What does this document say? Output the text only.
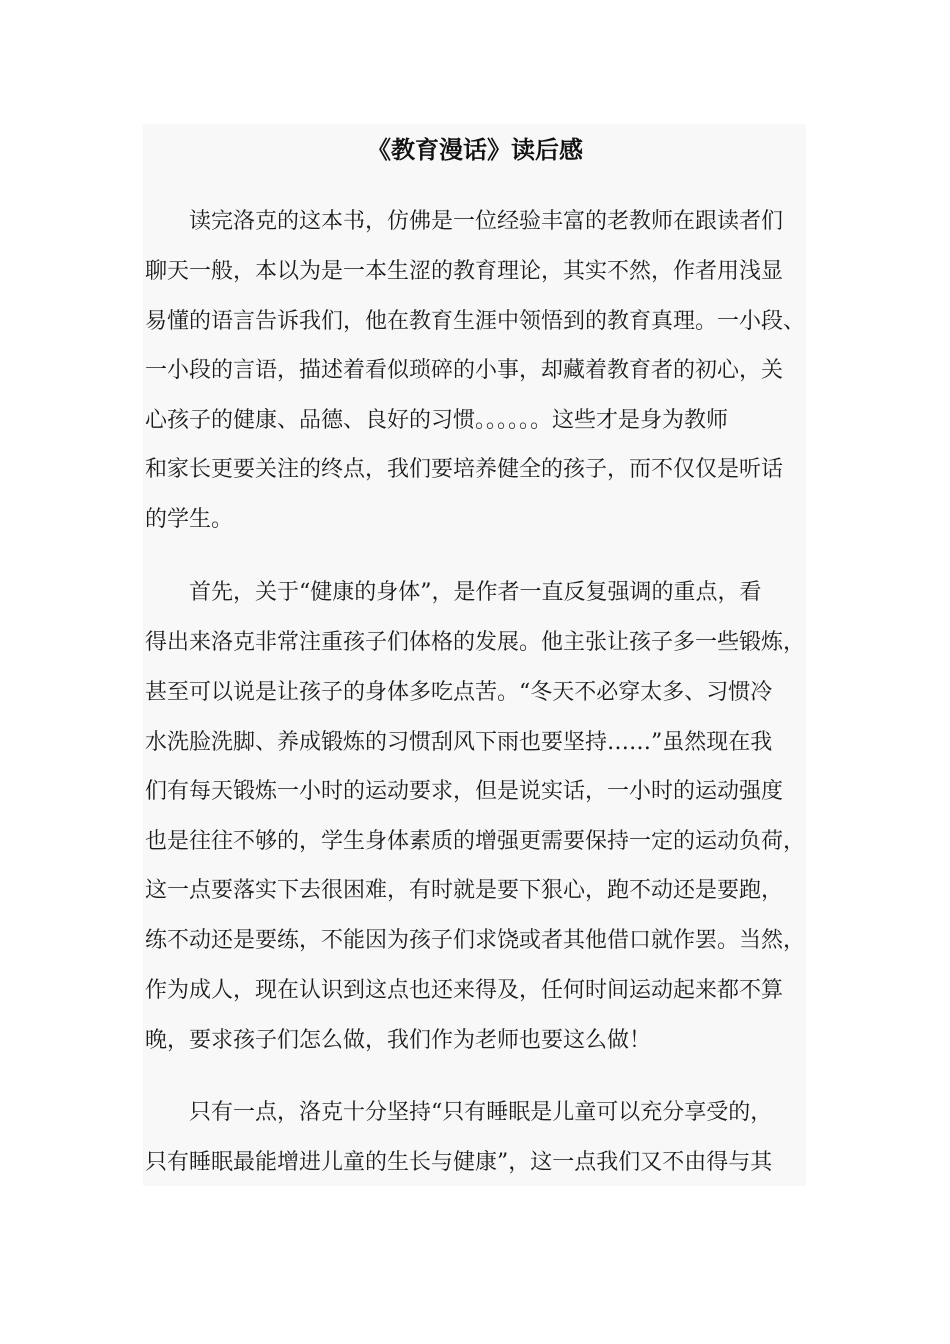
《教育漫话》读后感

读完洛克的这本书，仿佛是一位经验丰富的老教师在跟读者们

聊天一般，本以为是一本生涩的教育理论，其实不然，作者用浅显

易懂的语言告诉我们，他在教育生涯中领悟到的教育真理。一小段、

一小段的言语，描述着看似琐碎的小事，却藏着教育者的初心，关

心孩子的健康、品德、良好的习惯。。。。。。这些才是身为教师

和家长更要关注的终点，我们要培养健全的孩子，而不仅仅是听话

的学生。

首先，关于“健康的身体”，是作者一直反复强调的重点，看

得出来洛克非常注重孩子们体格的发展。他主张让孩子多一些锻炼，

甚至可以说是让孩子的身体多吃点苦。“冬天不必穿太多、习惯冷

水洗脸洗脚、养成锻炼的习惯刮风下雨也要坚持……”虽然现在我

们有每天锻炼一小时的运动要求，但是说实话，一小时的运动强度

也是往往不够的，学生身体素质的增强更需要保持一定的运动负荷，

这一点要落实下去很困难，有时就是要下狠心，跑不动还是要跑，

练不动还是要练，不能因为孩子们求饶或者其他借口就作罢。当然，

作为成人，现在认识到这点也还来得及，任何时间运动起来都不算

晚，要求孩子们怎么做，我们作为老师也要这么做！

只有一点，洛克十分坚持“只有睡眠是儿童可以充分享受的，

只有睡眠最能增进儿童的生长与健康”，这一点我们又不由得与其
